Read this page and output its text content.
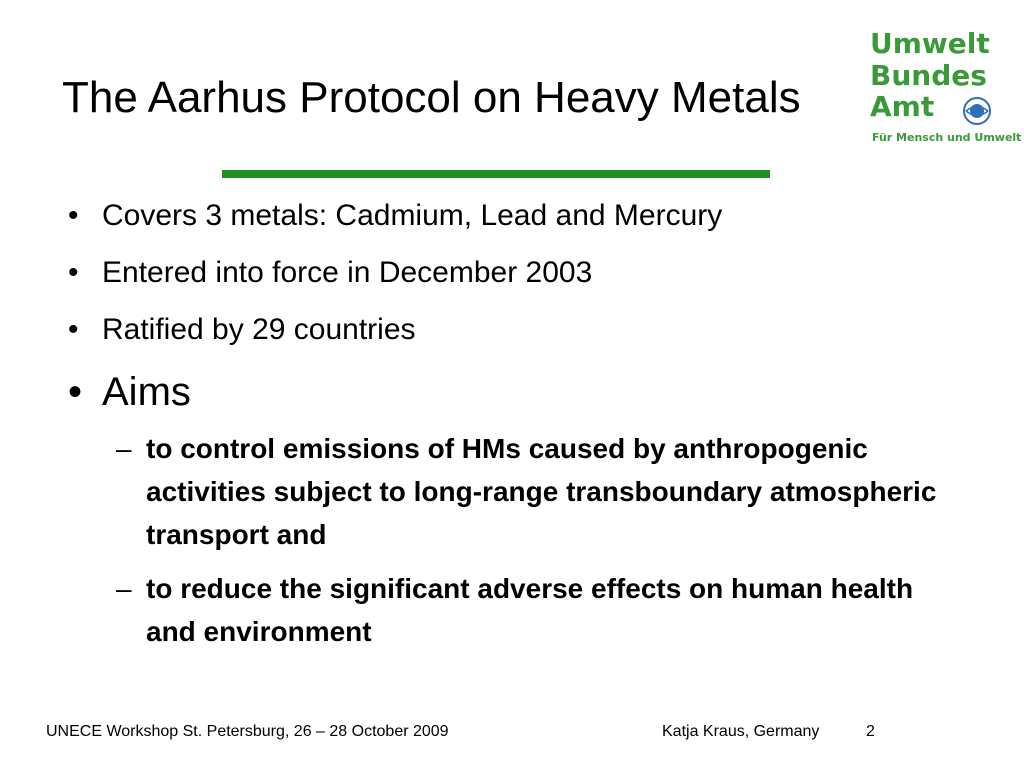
The Aarhus Protocol on Heavy Metals
Umwelt
Bundes
Amt
Für Mensch und Umwelt
• Covers 3 metals: Cadmium, Lead and Mercury
• Entered into force in December 2003
• Ratified by 29 countries
• Aims
– to control emissions of HMs caused by anthropogenic activities subject to long-range transboundary atmospheric transport and
– to reduce the significant adverse effects on human health and environment
UNECE Workshop St. Petersburg, 26 – 28 October 2009	Katja Kraus, Germany	2
